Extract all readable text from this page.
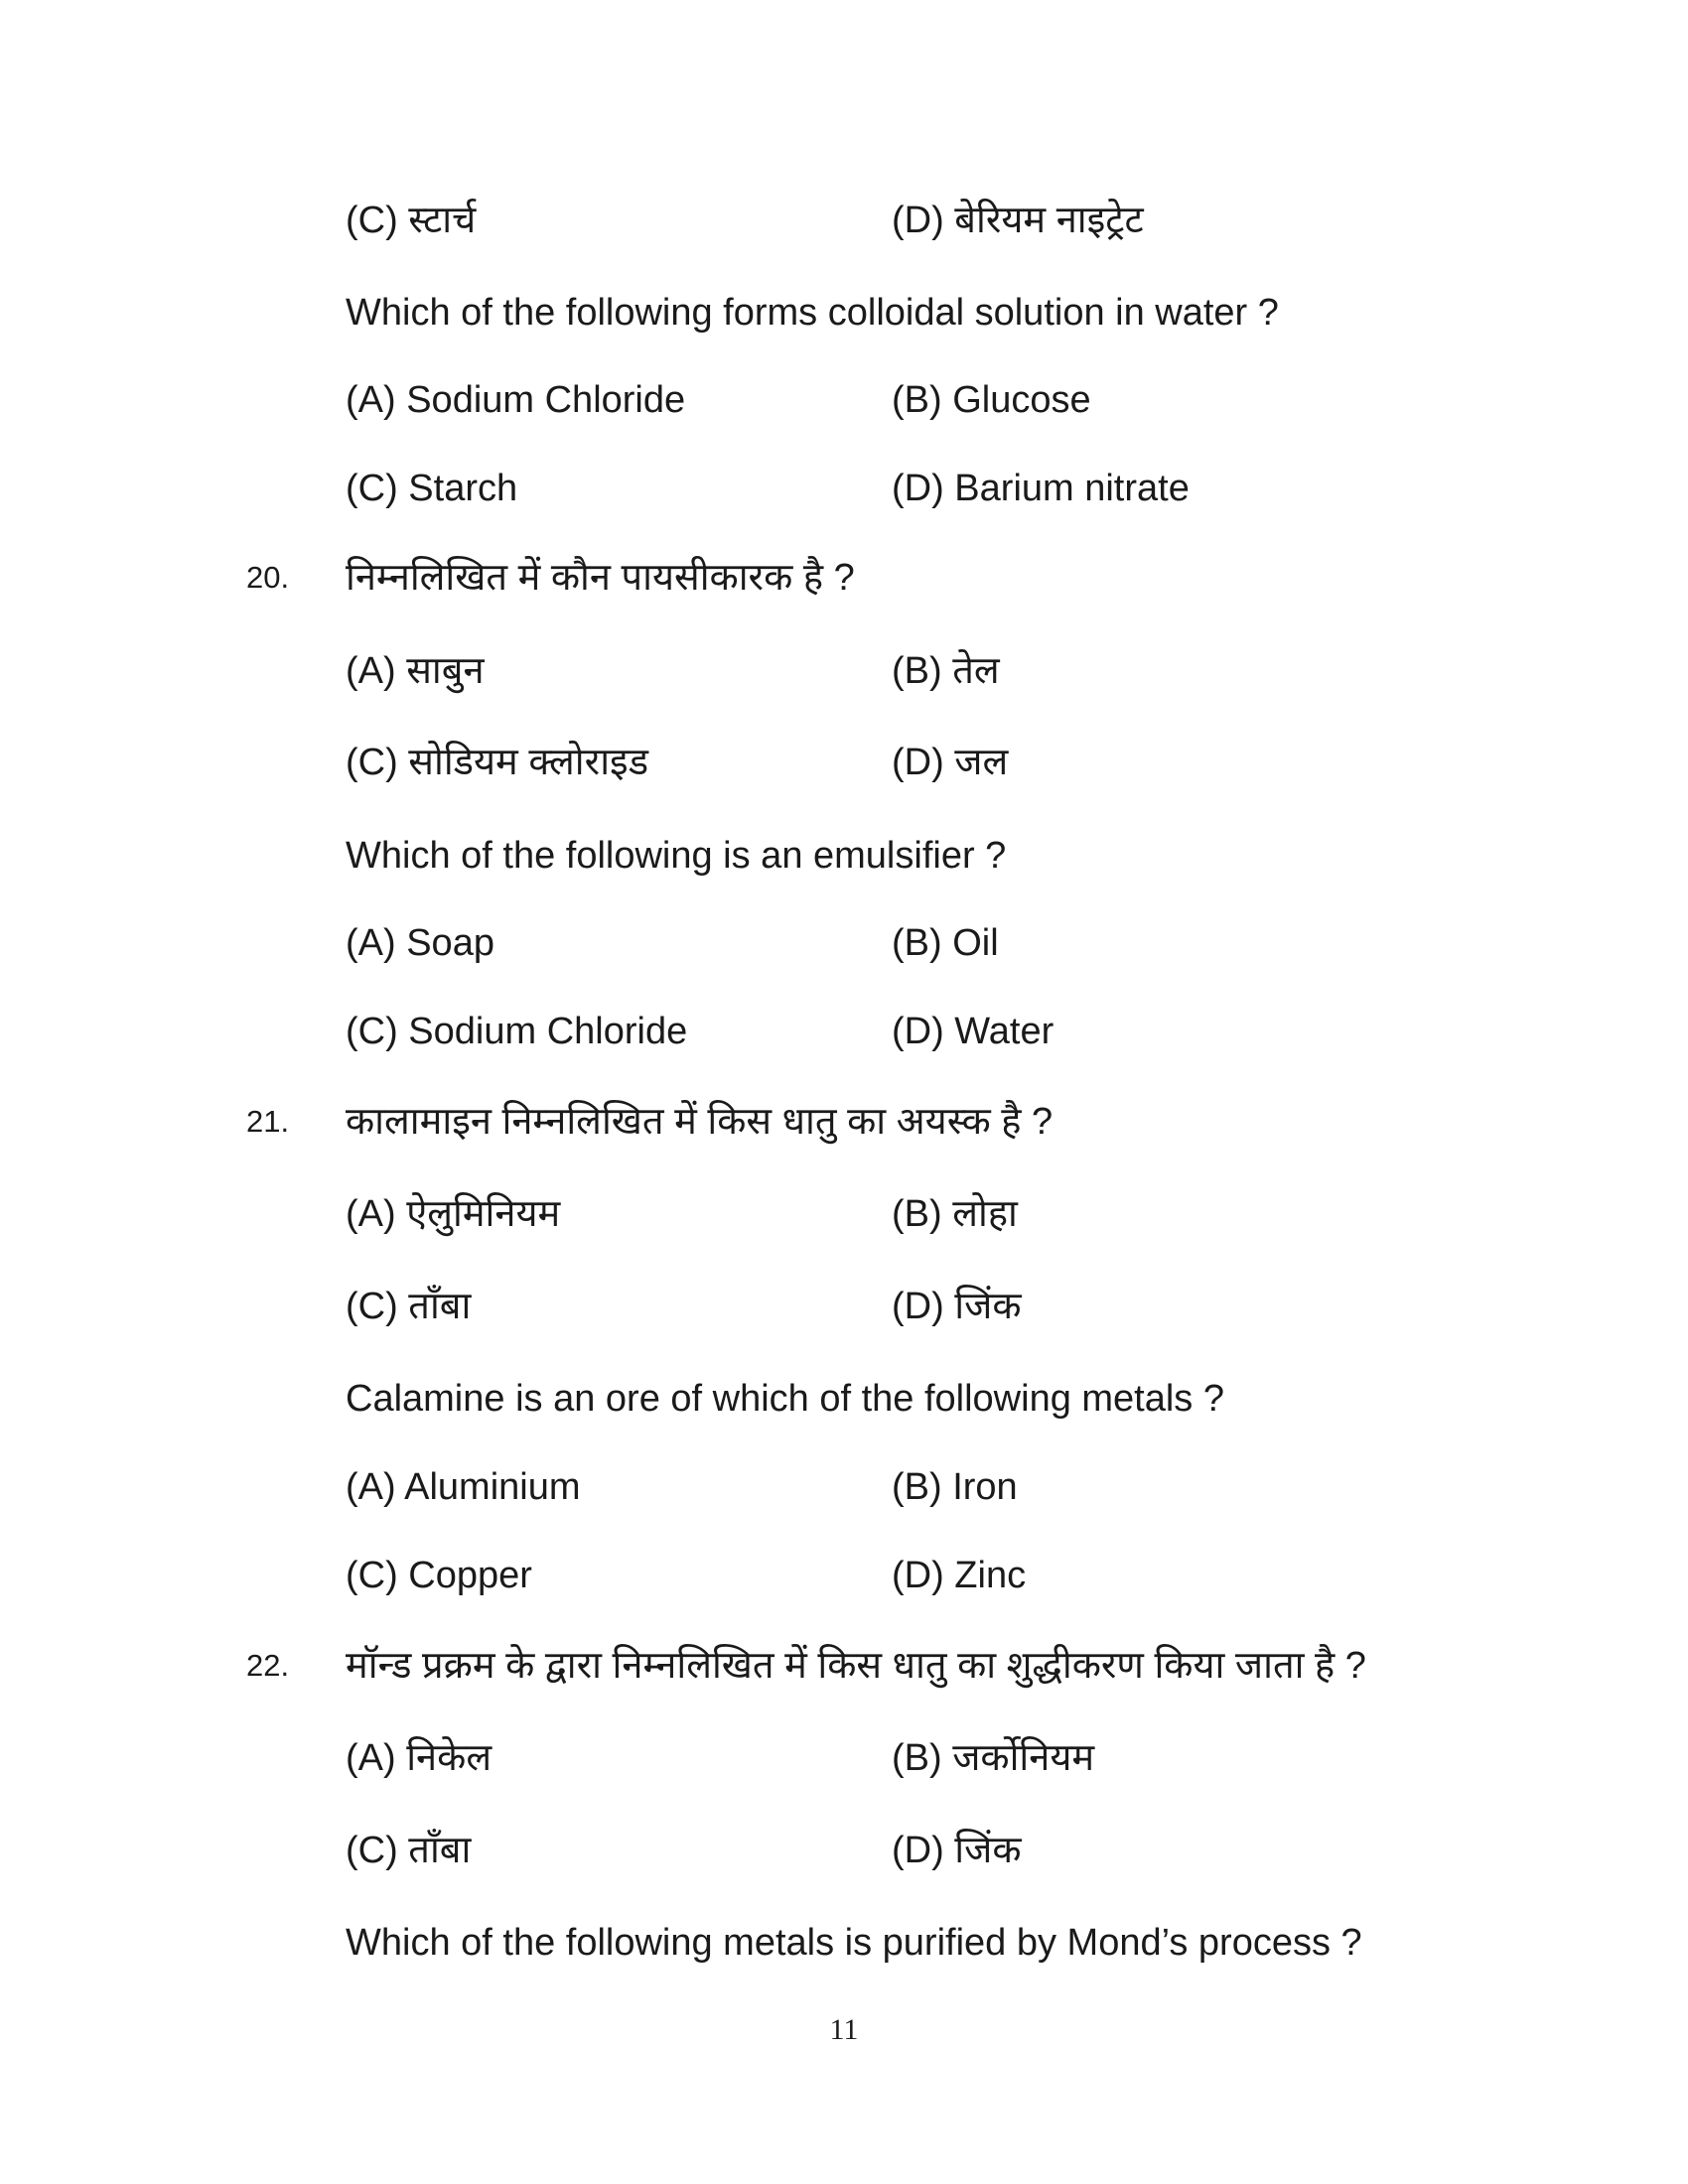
(C) स्टार्च	(D) बेरियम नाइट्रेट
Which of the following forms colloidal solution in water ?
(A) Sodium Chloride	(B) Glucose
(C) Starch	(D) Barium nitrate
20.	निम्नलिखित में कौन पायसीकारक है ?
(A) साबुन	(B) तेल
(C) सोडियम क्लोराइड	(D) जल
Which of the following is an emulsifier ?
(A) Soap	(B) Oil
(C) Sodium Chloride	(D) Water
21.	कालामाइन निम्नलिखित में किस धातु का अयस्क है ?
(A) ऐलुमिनियम	(B) लोहा
(C) ताँबा	(D) जिंक
Calamine is an ore of which of the following metals ?
(A) Aluminium	(B) Iron
(C) Copper	(D) Zinc
22.	मॉन्ड प्रक्रम के द्वारा निम्नलिखित में किस धातु का शुद्धीकरण किया जाता है ?
(A) निकेल	(B) जर्कोनियम
(C) ताँबा	(D) जिंक
Which of the following metals is purified by Mond’s process ?
11
